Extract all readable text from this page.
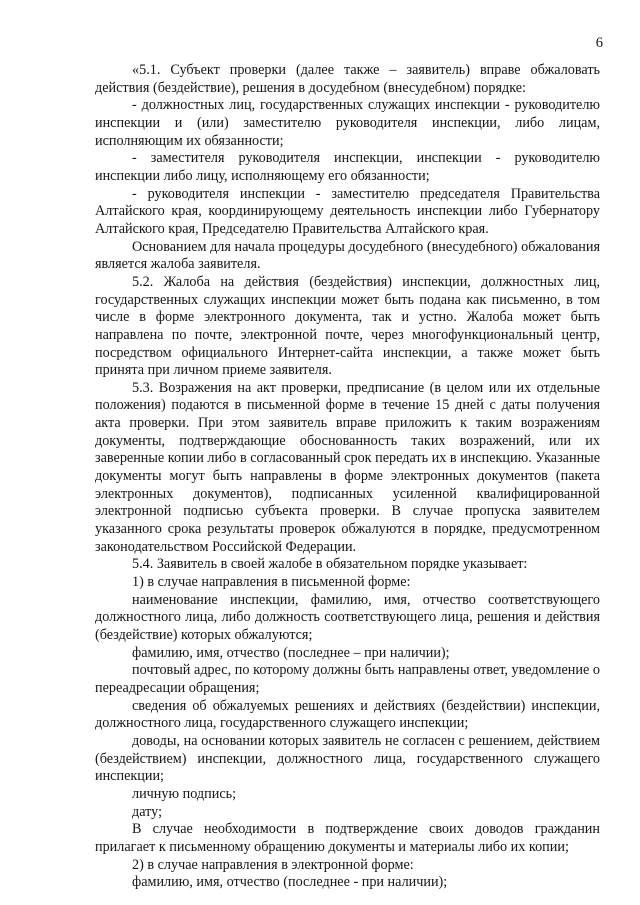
6

«5.1. Субъект проверки (далее также – заявитель) вправе обжаловать действия (бездействие), решения в досудебном (внесудебном) порядке:

- должностных лиц, государственных служащих инспекции - руководителю инспекции и (или) заместителю руководителя инспекции, либо лицам, исполняющим их обязанности;

- заместителя руководителя инспекции, инспекции - руководителю инспекции либо лицу, исполняющему его обязанности;

- руководителя инспекции - заместителю председателя Правительства Алтайского края, координирующему деятельность инспекции либо Губернатору Алтайского края, Председателю Правительства Алтайского края.

Основанием для начала процедуры досудебного (внесудебного) обжалования является жалоба заявителя.

5.2. Жалоба на действия (бездействия) инспекции, должностных лиц, государственных служащих инспекции может быть подана как письменно, в том числе в форме электронного документа, так и устно. Жалоба может быть направлена по почте, электронной почте, через многофункциональный центр, посредством официального Интернет-сайта инспекции, а также может быть принята при личном приеме заявителя.

5.3. Возражения на акт проверки, предписание (в целом или их отдельные положения) подаются в письменной форме в течение 15 дней с даты получения акта проверки. При этом заявитель вправе приложить к таким возражениям документы, подтверждающие обоснованность таких возражений, или их заверенные копии либо в согласованный срок передать их в инспекцию. Указанные документы могут быть направлены в форме электронных документов (пакета электронных документов), подписанных усиленной квалифицированной электронной подписью субъекта проверки. В случае пропуска заявителем указанного срока результаты проверок обжалуются в порядке, предусмотренном законодательством Российской Федерации.

5.4. Заявитель в своей жалобе в обязательном порядке указывает:

1) в случае направления в письменной форме:

наименование инспекции, фамилию, имя, отчество соответствующего должностного лица, либо должность соответствующего лица, решения и действия (бездействие) которых обжалуются;

фамилию, имя, отчество (последнее – при наличии);

почтовый адрес, по которому должны быть направлены ответ, уведомление о переадресации обращения;

сведения об обжалуемых решениях и действиях (бездействии) инспекции, должностного лица, государственного служащего инспекции;

доводы, на основании которых заявитель не согласен с решением, действием (бездействием) инспекции, должностного лица, государственного служащего инспекции;

личную подпись;

дату;

В случае необходимости в подтверждение своих доводов гражданин прилагает к письменному обращению документы и материалы либо их копии;

2) в случае направления в электронной форме:

фамилию, имя, отчество (последнее - при наличии);
